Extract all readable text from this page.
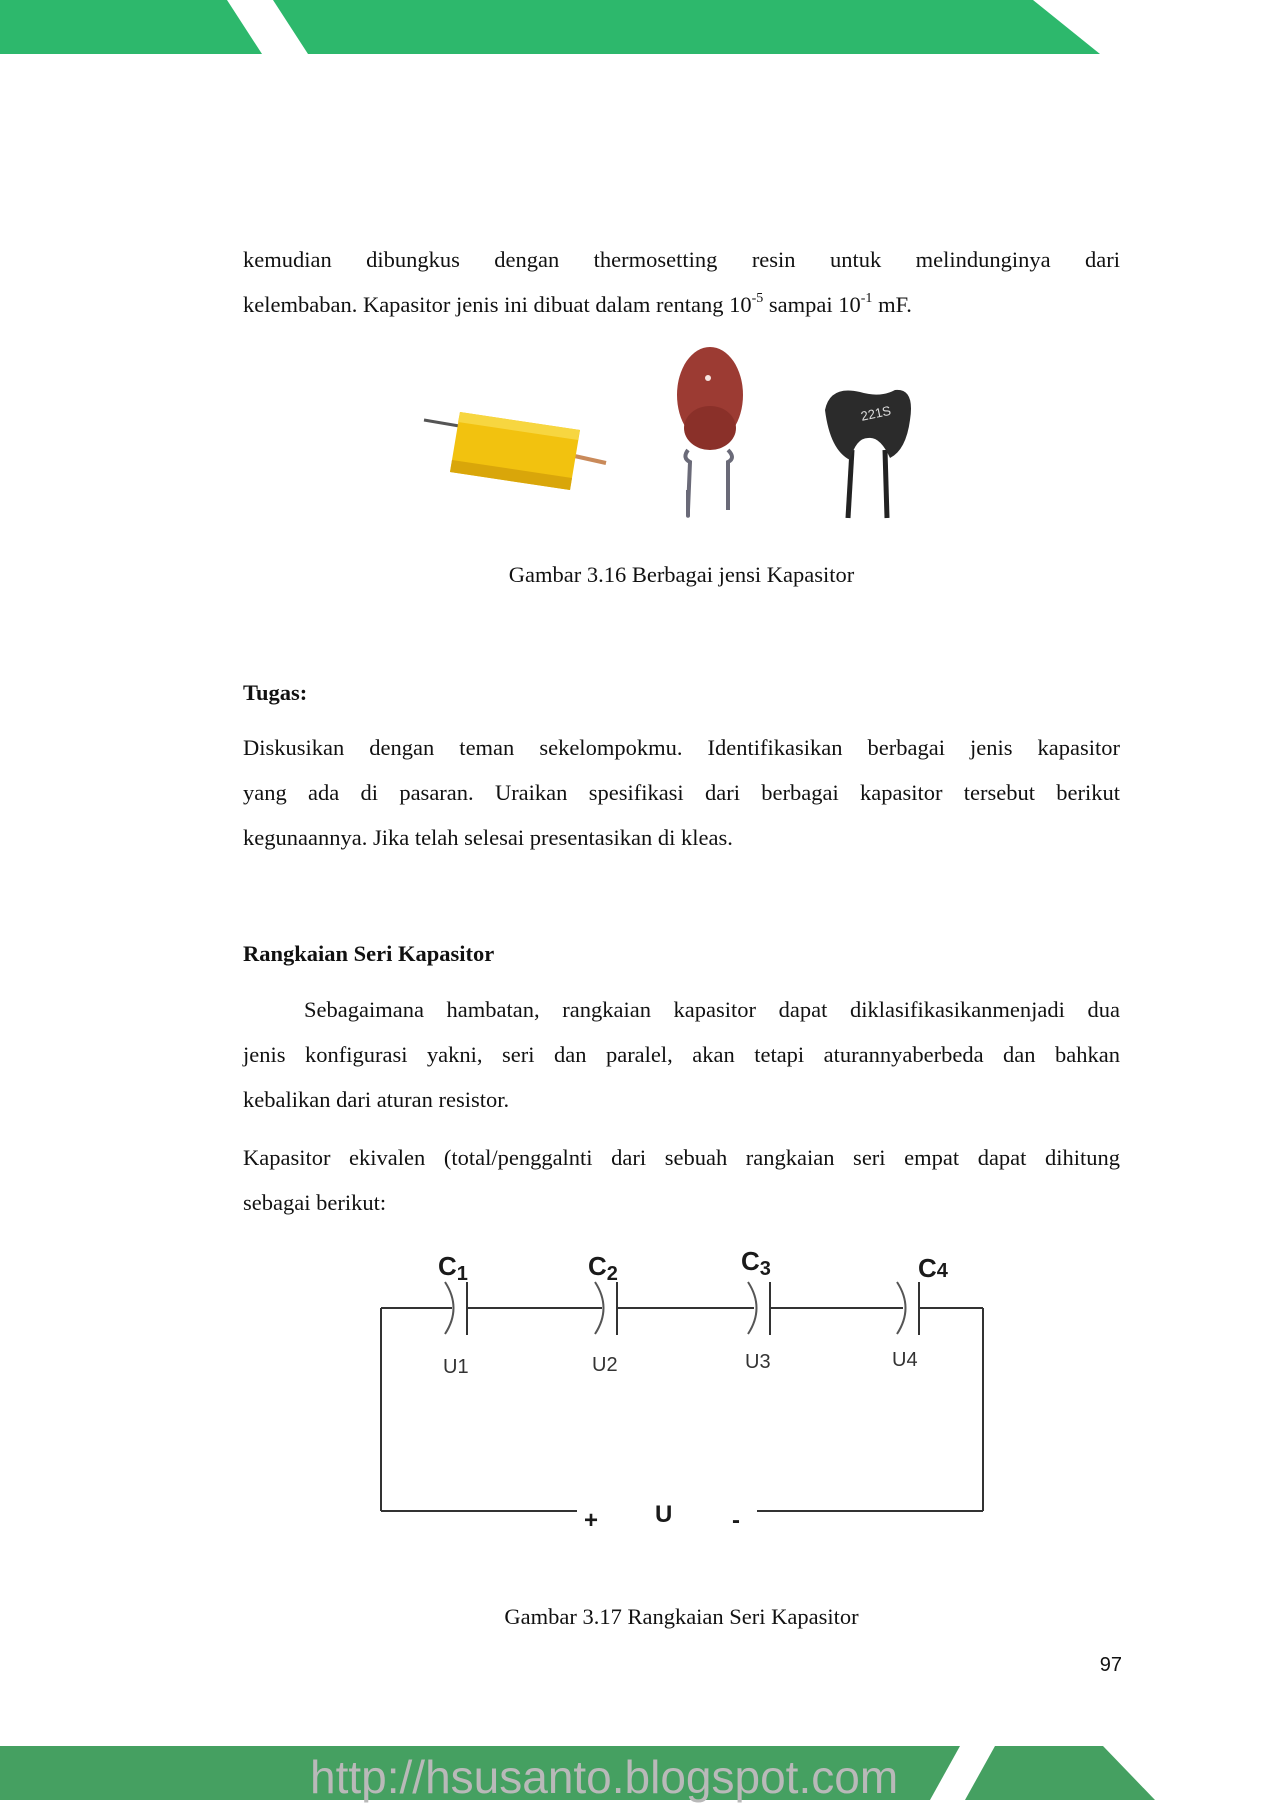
kemudian dibungkus dengan thermosetting resin untuk melindunginya dari
kelembaban. Kapasitor jenis ini dibuat dalam rentang $10^{-5}$ sampai $10^{-1}$ mF.
221S
Gambar 3.16 Berbagai jensi Kapasitor
Tugas:
Diskusikan dengan teman sekelompokmu. Identifikasikan berbagai jenis kapasitor
yang ada di pasaran. Uraikan spesifikasi dari berbagai kapasitor tersebut berikut
kegunaannya. Jika telah selesai presentasikan di kleas.
Rangkaian Seri Kapasitor
Sebagaimana hambatan, rangkaian kapasitor dapat diklasifikasikanmenjadi dua
jenis konfigurasi yakni, seri dan paralel, akan tetapi aturannyaberbeda dan bahkan
kebalikan dari aturan resistor.
Kapasitor ekivalen (total/penggalnti dari sebuah rangkaian seri empat dapat dihitung
sebagai berikut:
C1	C2	C3	C4
U1	U2	U3	U4
+ U -
Gambar 3.17 Rangkaian Seri Kapasitor
97
http://hsusanto.blogspot.com
